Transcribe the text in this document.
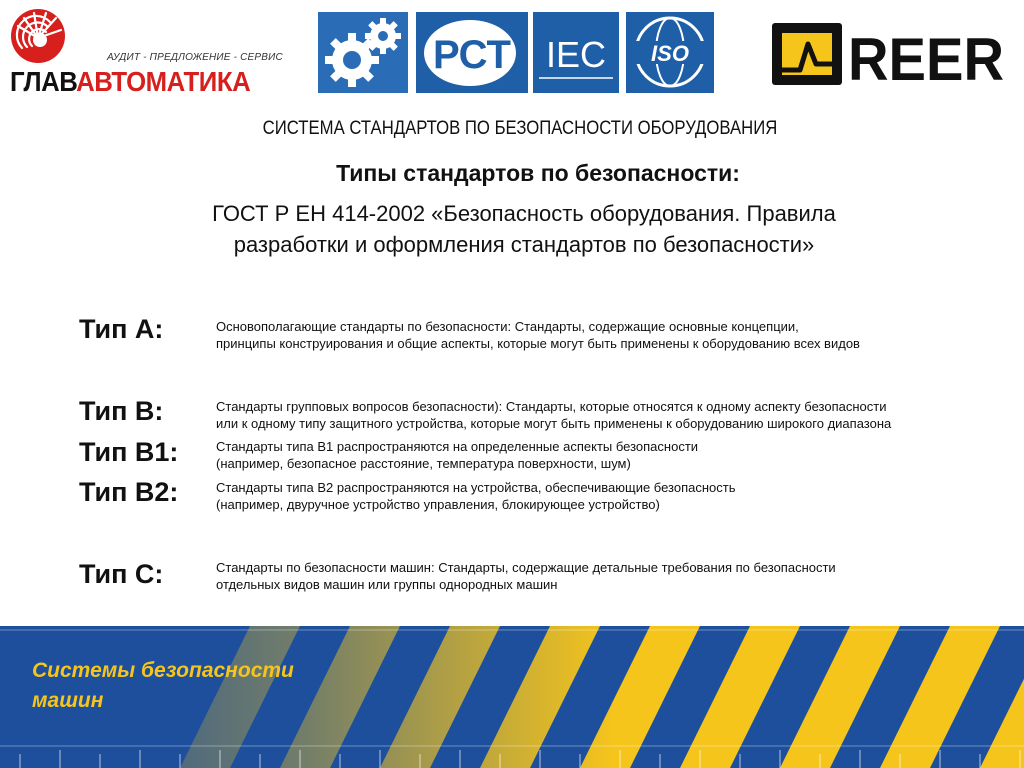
АУДИТ - ПРЕДЛОЖЕНИЕ - СЕРВИС
ГЛАВАВТОМАТИКА
РСТ IEC ISO	REER
СИСТЕМА СТАНДАРТОВ ПО БЕЗОПАСНОСТИ ОБОРУДОВАНИЯ
Типы стандартов по безопасности:
ГОСТ Р ЕН 414-2002 «Безопасность оборудования. Правила
разработки и оформления стандартов по безопасности»
Тип А:	Основополагающие стандарты по безопасности: Стандарты, содержащие основные концепции,
принципы конструирования и общие аспекты, которые могут быть применены к оборудованию всех видов
Тип В:	Стандарты групповых вопросов безопасности): Стандарты, которые относятся к одному аспекту безопасности
или к одному типу защитного устройства, которые могут быть применены к оборудованию широкого диапазона
Тип В1:	Стандарты типа В1 распространяются на определенные аспекты безопасности
(например, безопасное расстояние, температура поверхности, шум)
Тип В2:	Стандарты типа В2 распространяются на устройства, обеспечивающие безопасность
(например, двуручное устройство управления, блокирующее устройство)
Тип С:	Стандарты по безопасности машин: Стандарты, содержащие детальные требования по безопасности
отдельных видов машин или группы однородных машин
Системы безопасности
машин
